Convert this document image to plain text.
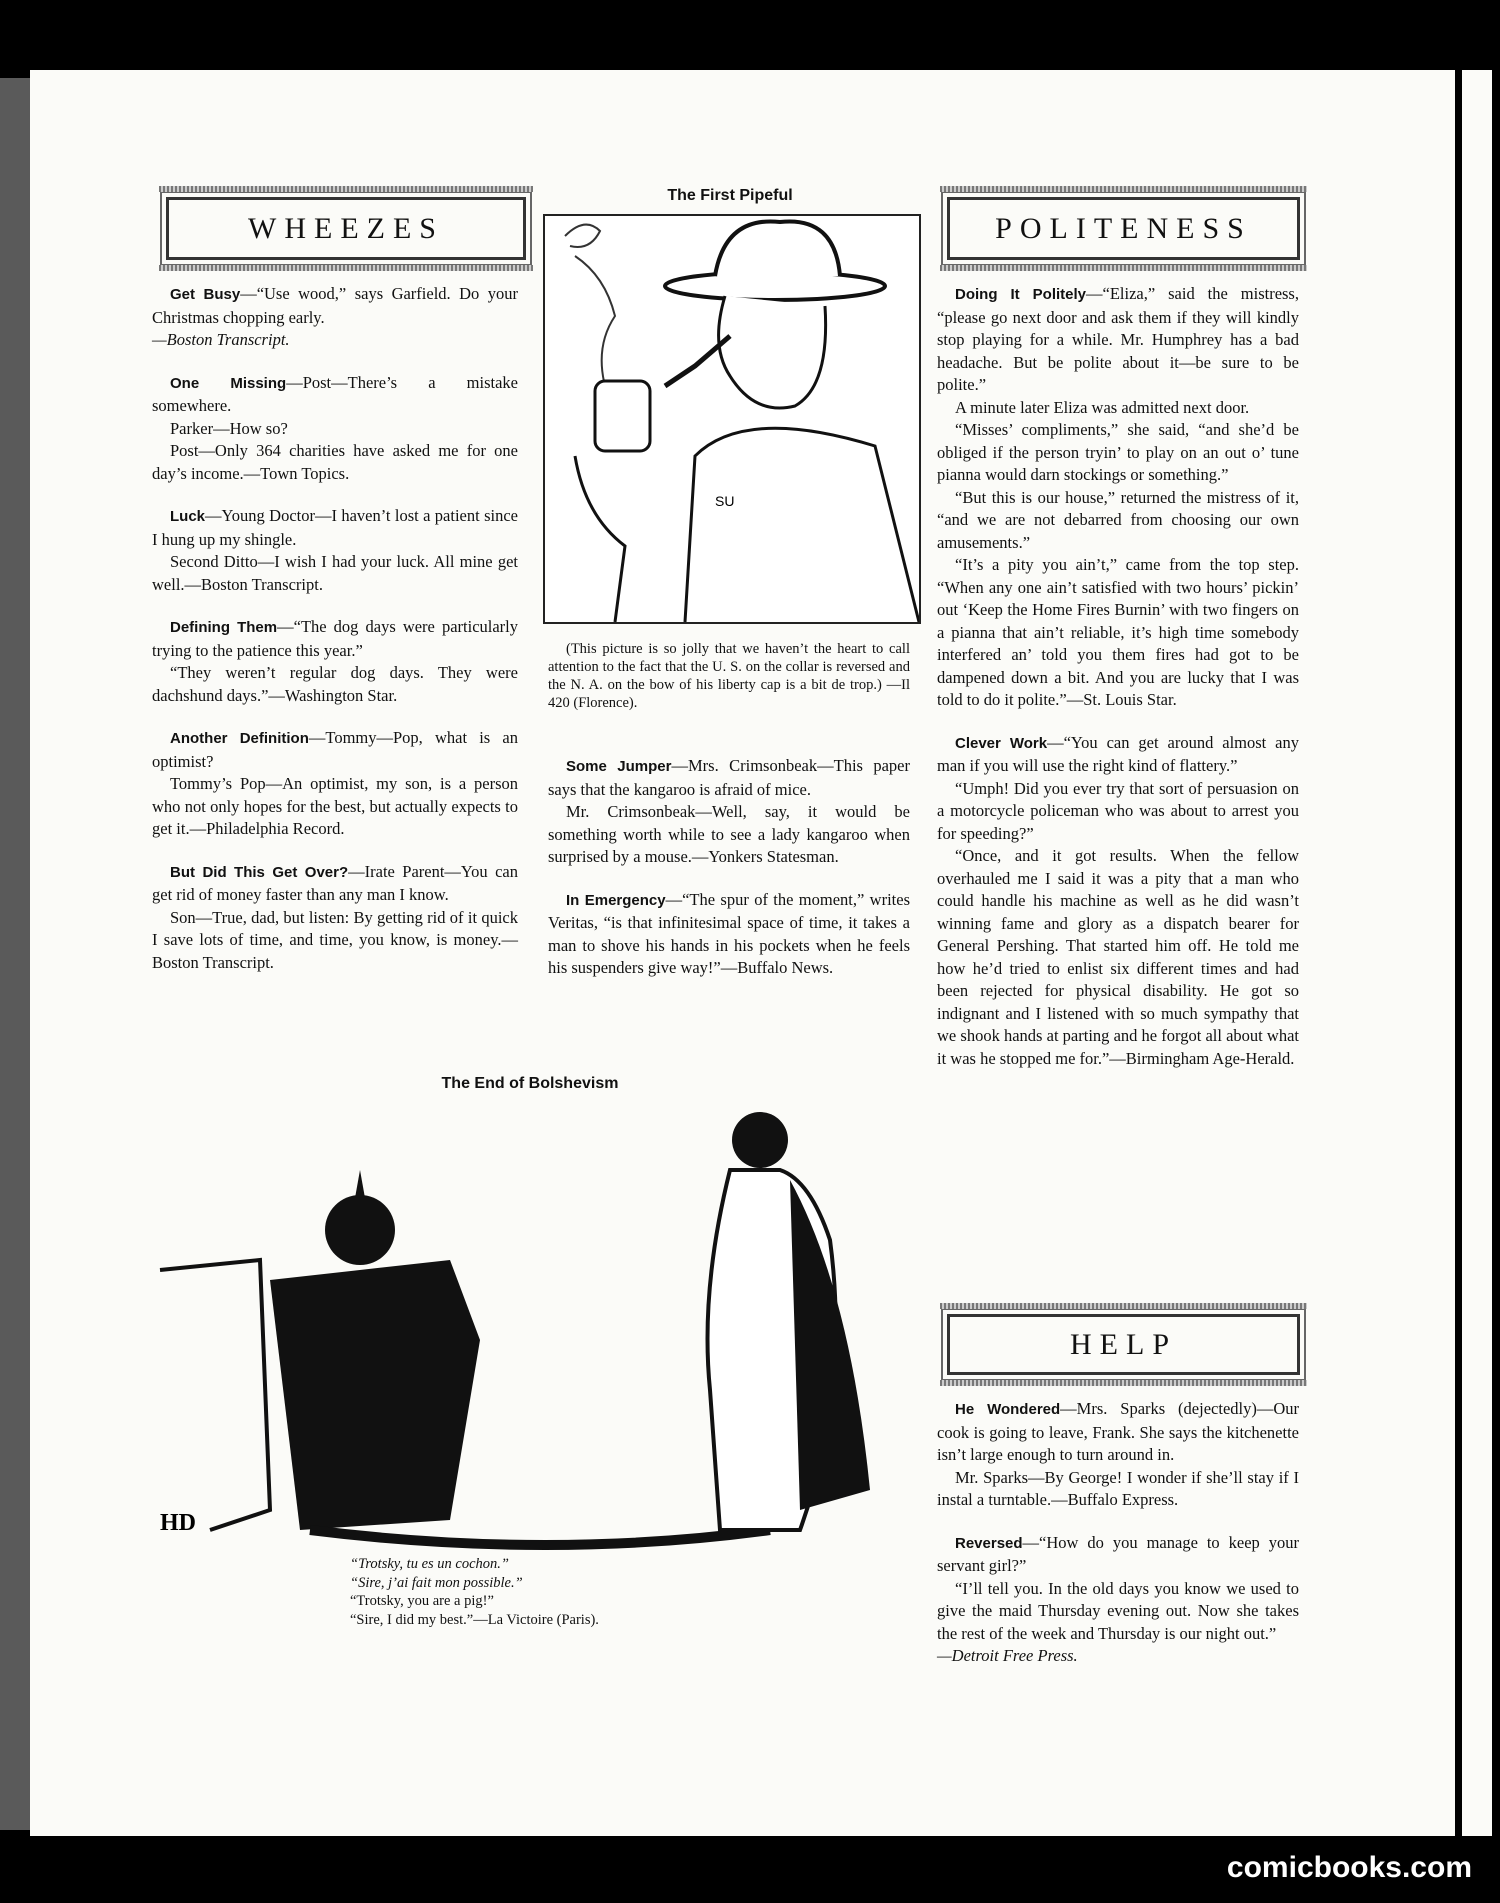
WHEEZES

Get Busy—“Use wood,” says Garfield. Do your Christmas chopping early.

—Boston Transcript.

One Missing—Post—There’s a mistake somewhere.

Parker—How so?

Post—Only 364 charities have asked me for one day’s income.—Town Topics.

Luck—Young Doctor—I haven’t lost a patient since I hung up my shingle.

Second Ditto—I wish I had your luck. All mine get well.—Boston Transcript.

Defining Them—“The dog days were particularly trying to the patience this year.”

“They weren’t regular dog days. They were dachshund days.”—Washington Star.

Another Definition—Tommy—Pop, what is an optimist?

Tommy’s Pop—An optimist, my son, is a person who not only hopes for the best, but actually expects to get it.—Philadelphia Record.

But Did This Get Over?—Irate Parent—You can get rid of money faster than any man I know.

Son—True, dad, but listen: By getting rid of it quick I save lots of time, and time, you know, is money.—Boston Transcript.

The First Pipeful
SU

(This picture is so jolly that we haven’t the heart to call attention to the fact that the U. S. on the collar is reversed and the N. A. on the bow of his liberty cap is a bit de trop.) —Il 420 (Florence).

Some Jumper—Mrs. Crimsonbeak—This paper says that the kangaroo is afraid of mice.

Mr. Crimsonbeak—Well, say, it would be something worth while to see a lady kangaroo when surprised by a mouse.—Yonkers Statesman.

In Emergency—“The spur of the moment,” writes Veritas, “is that infinitesimal space of time, it takes a man to shove his hands in his pockets when he feels his suspenders give way!”—Buffalo News.

The End of Bolshevism
HD

“Trotsky, tu es un cochon.”

“Sire, j’ai fait mon possible.”

“Trotsky, you are a pig!”

“Sire, I did my best.”—La Victoire (Paris).

POLITENESS

Doing It Politely—“Eliza,” said the mistress, “please go next door and ask them if they will kindly stop playing for a while. Mr. Humphrey has a bad headache. But be polite about it—be sure to be polite.”

A minute later Eliza was admitted next door.

“Misses’ compliments,” she said, “and she’d be obliged if the person tryin’ to play on an out o’ tune pianna would darn stockings or something.”

“But this is our house,” returned the mistress of it, “and we are not debarred from choosing our own amusements.”

“It’s a pity you ain’t,” came from the top step. “When any one ain’t satisfied with two hours’ pickin’ out ‘Keep the Home Fires Burnin’ with two fingers on a pianna that ain’t reliable, it’s high time somebody interfered an’ told you them fires had got to be dampened down a bit. And you are lucky that I was told to do it polite.”—St. Louis Star.

Clever Work—“You can get around almost any man if you will use the right kind of flattery.”

“Umph! Did you ever try that sort of persuasion on a motorcycle policeman who was about to arrest you for speeding?”

“Once, and it got results. When the fellow overhauled me I said it was a pity that a man who could handle his machine as well as he did wasn’t winning fame and glory as a dispatch bearer for General Pershing. That started him off. He told me how he’d tried to enlist six different times and had been rejected for physical disability. He got so indignant and I listened with so much sympathy that we shook hands at parting and he forgot all about what it was he stopped me for.”—Birmingham Age-Herald.

HELP

He Wondered—Mrs. Sparks (dejectedly)—Our cook is going to leave, Frank. She says the kitchenette isn’t large enough to turn around in.

Mr. Sparks—By George! I wonder if she’ll stay if I instal a turntable.—Buffalo Express.

Reversed—“How do you manage to keep your servant girl?”

“I’ll tell you. In the old days you know we used to give the maid Thursday evening out. Now she takes the rest of the week and Thursday is our night out.”

—Detroit Free Press.

comicbooks.com
